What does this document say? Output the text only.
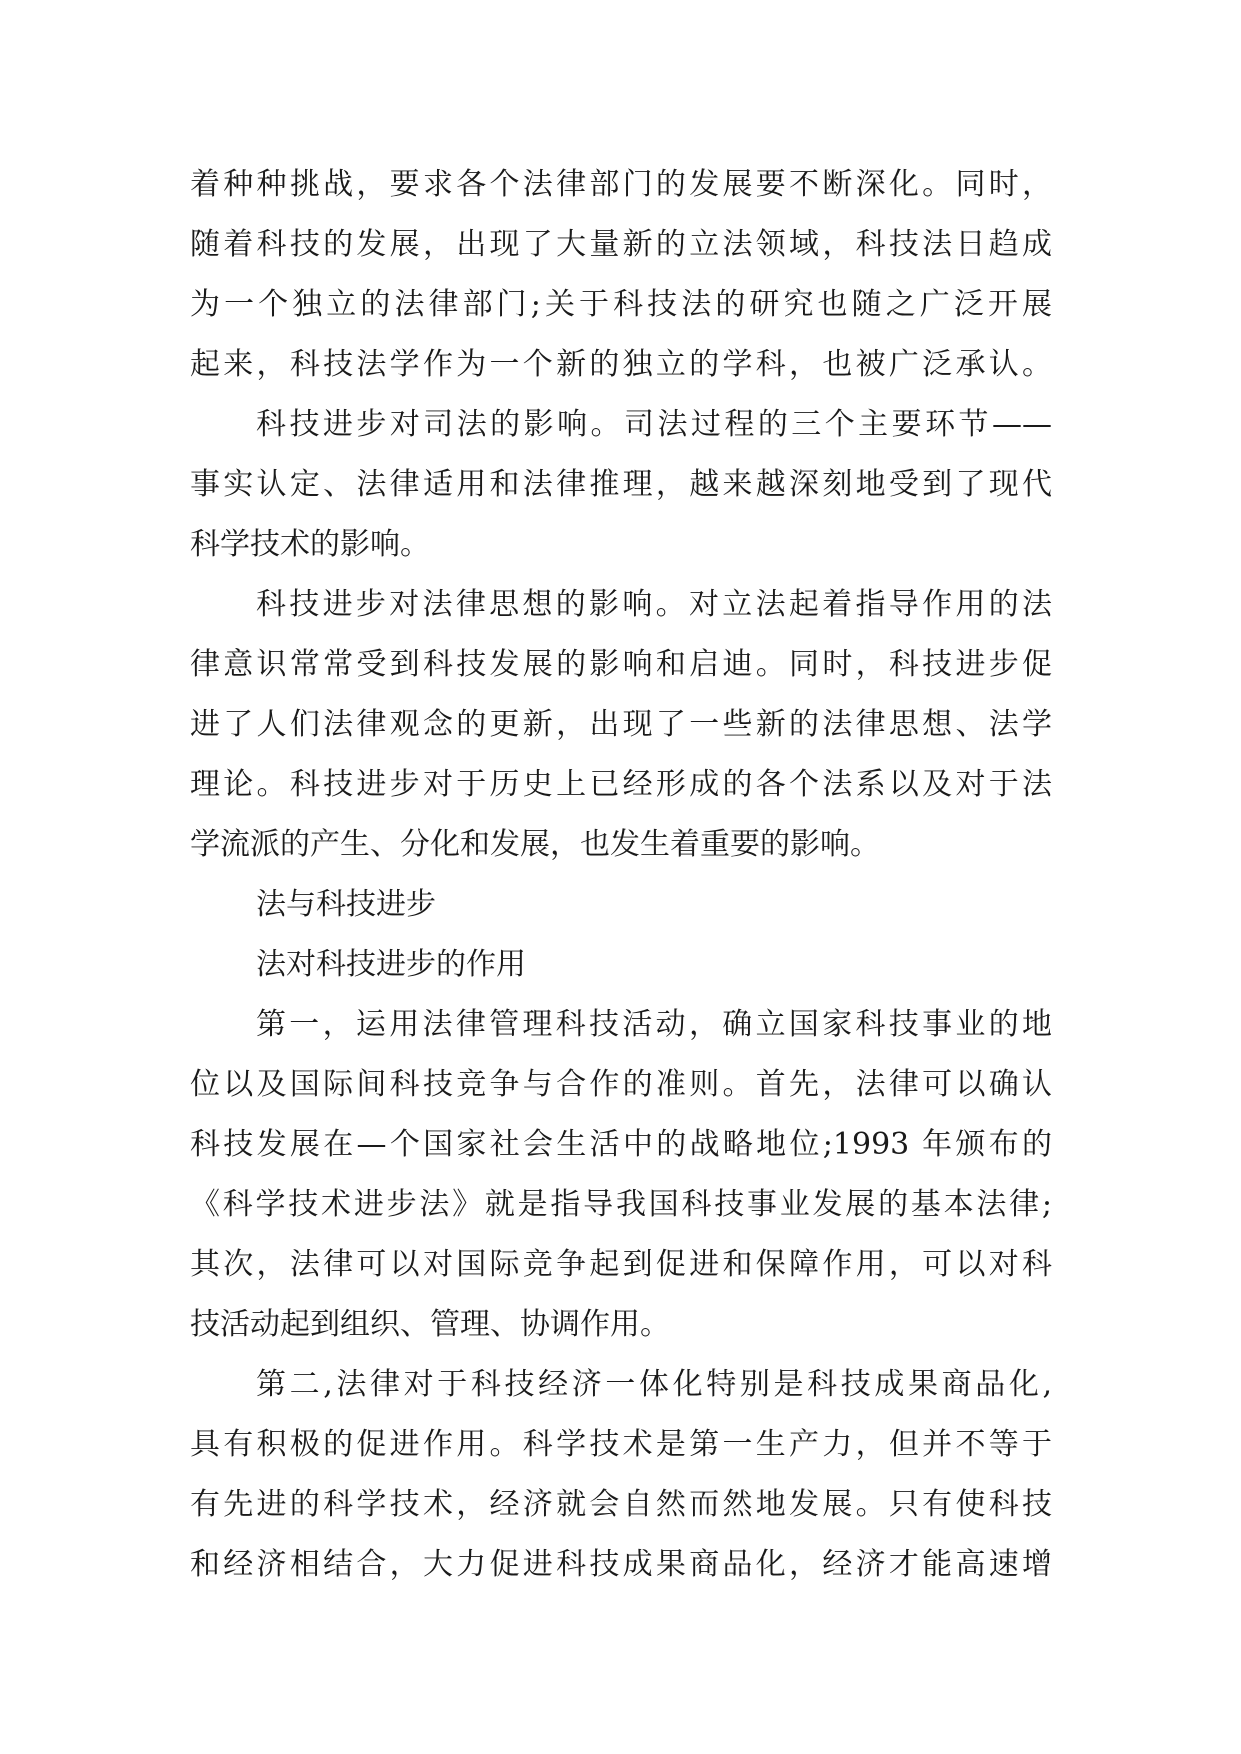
着种种挑战，要求各个法律部门的发展要不断深化。同时，
随着科技的发展，出现了大量新的立法领域，科技法日趋成
为一个独立的法律部门;关于科技法的研究也随之广泛开展
起来，科技法学作为一个新的独立的学科，也被广泛承认。
科技进步对司法的影响。司法过程的三个主要环节——
事实认定、法律适用和法律推理，越来越深刻地受到了现代
科学技术的影响。
科技进步对法律思想的影响。对立法起着指导作用的法
律意识常常受到科技发展的影响和启迪。同时，科技进步促
进了人们法律观念的更新，出现了一些新的法律思想、法学
理论。科技进步对于历史上已经形成的各个法系以及对于法
学流派的产生、分化和发展，也发生着重要的影响。
法与科技进步
法对科技进步的作用
第一，运用法律管理科技活动，确立国家科技事业的地
位以及国际间科技竞争与合作的准则。首先，法律可以确认
科技发展在—个国家社会生活中的战略地位;1993 年颁布的
《科学技术进步法》就是指导我国科技事业发展的基本法律;
其次，法律可以对国际竞争起到促进和保障作用，可以对科
技活动起到组织、管理、协调作用。
第二,法律对于科技经济一体化特别是科技成果商品化,
具有积极的促进作用。科学技术是第一生产力，但并不等于
有先进的科学技术，经济就会自然而然地发展。只有使科技
和经济相结合，大力促进科技成果商品化，经济才能高速增
